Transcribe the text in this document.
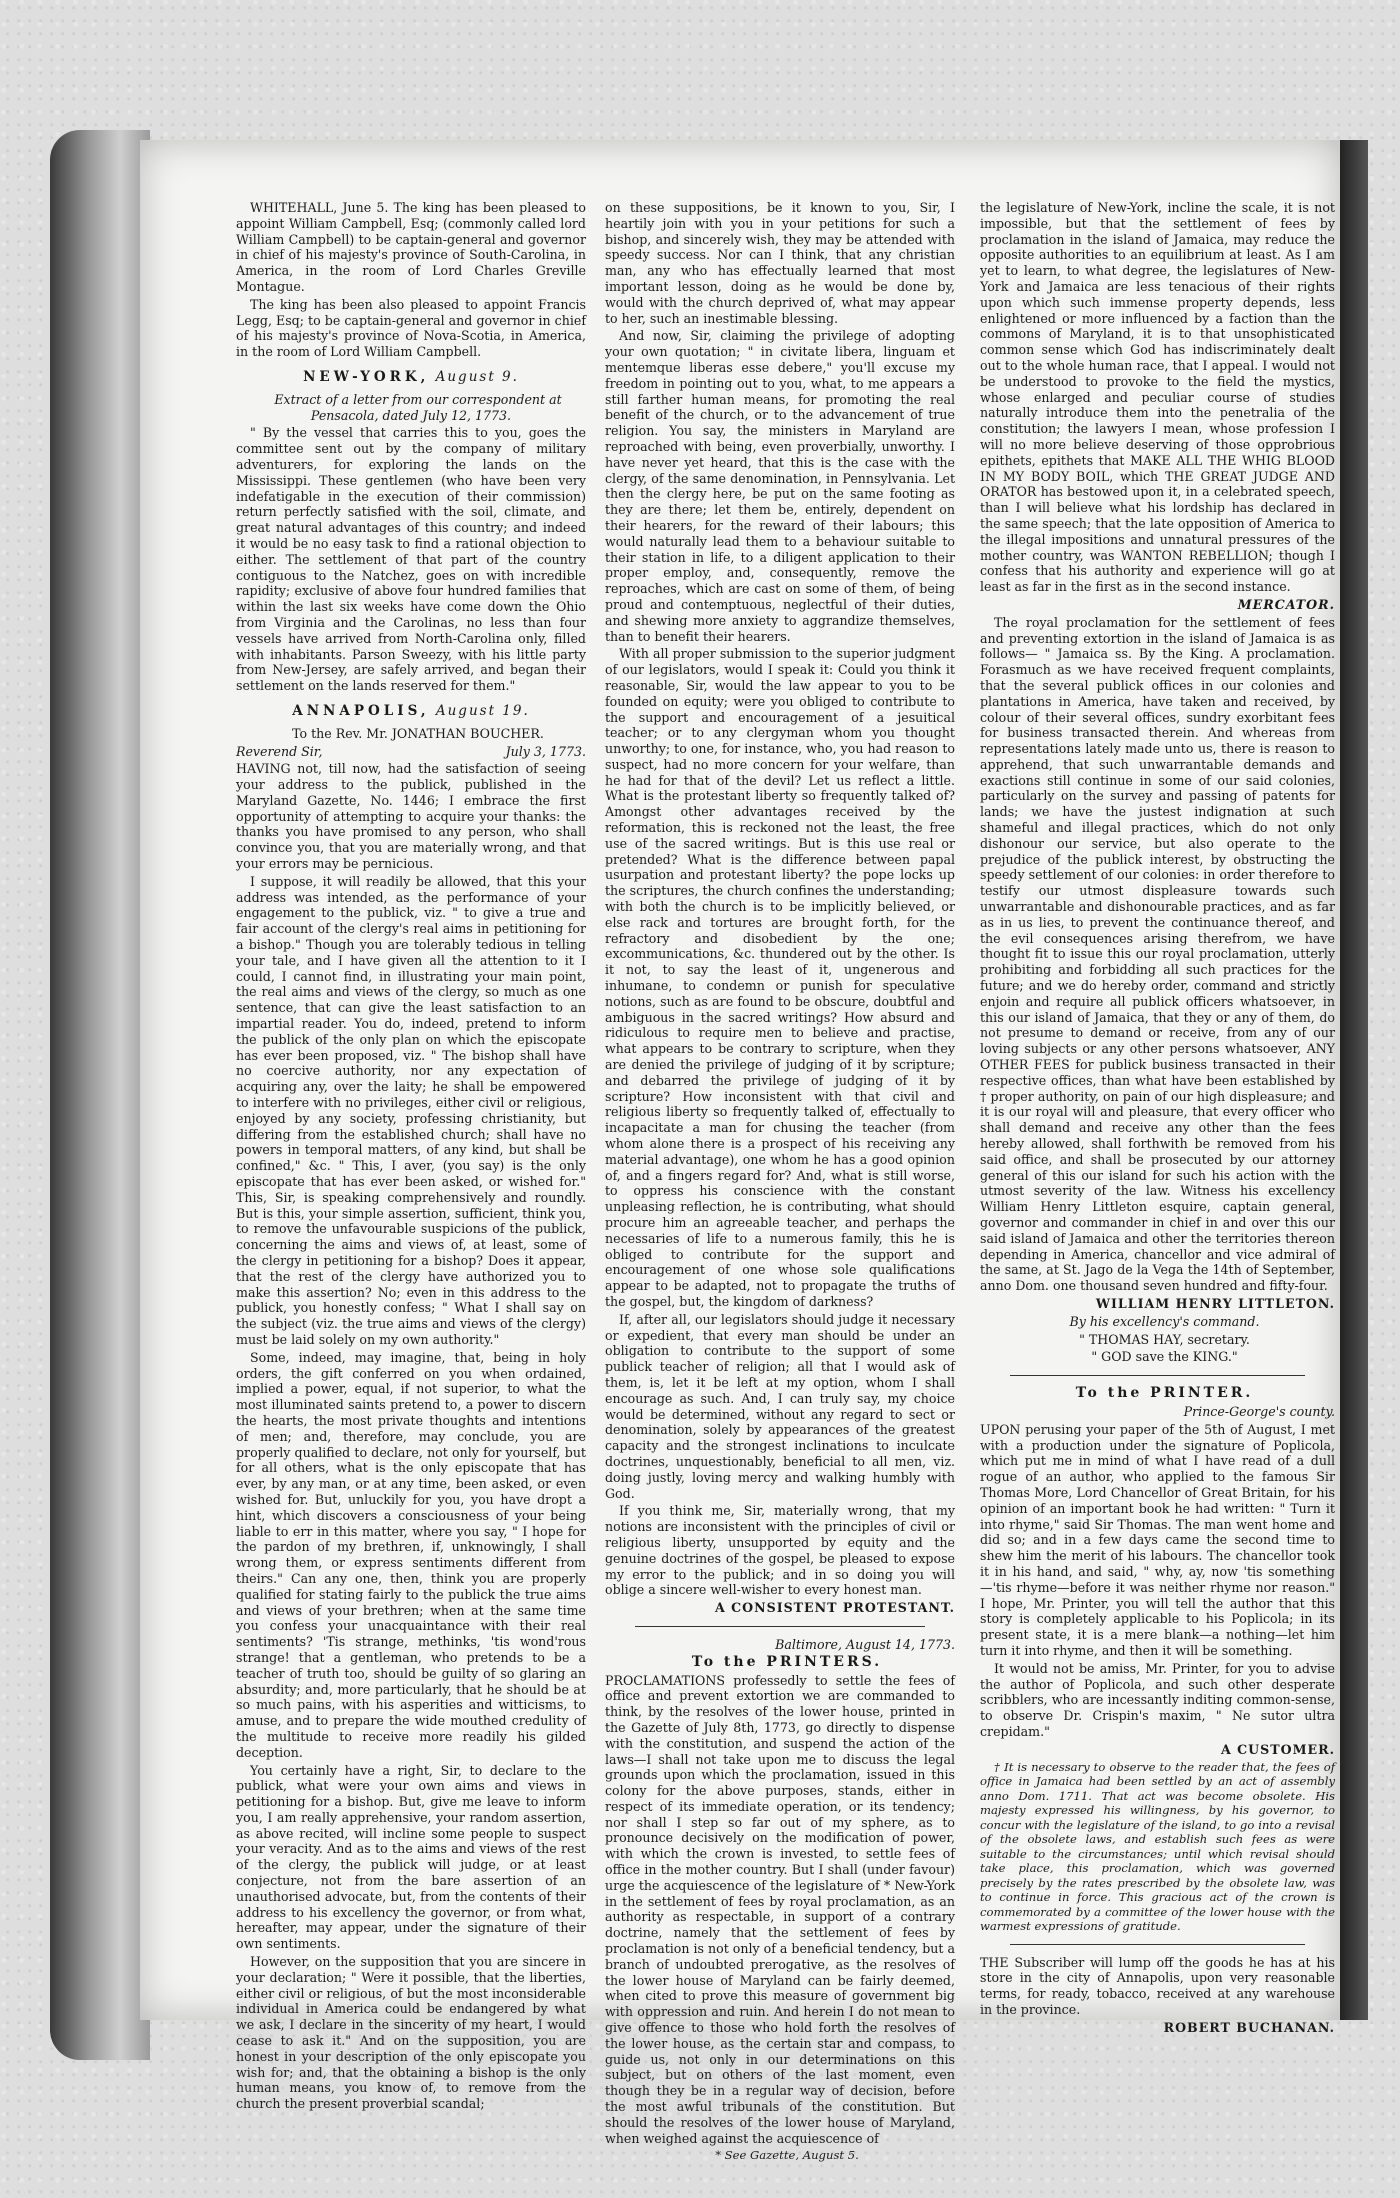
WHITEHALL, June 5. The king has been pleased to appoint William Campbell, Esq; (commonly called lord William Campbell) to be captain-general and governor in chief of his majesty's province of South-Carolina, in America, in the room of Lord Charles Greville Montague.

The king has been also pleased to appoint Francis Legg, Esq; to be captain-general and governor in chief of his majesty's province of Nova-Scotia, in America, in the room of Lord William Campbell.

NEW-YORK, August 9.

Extract of a letter from our correspondent at Pensacola, dated July 12, 1773.

" By the vessel that carries this to you, goes the committee sent out by the company of military adventurers, for exploring the lands on the Mississippi. These gentlemen (who have been very indefatigable in the execution of their commission) return perfectly satisfied with the soil, climate, and great natural advantages of this country; and indeed it would be no easy task to find a rational objection to either. The settlement of that part of the country contiguous to the Natchez, goes on with incredible rapidity; exclusive of above four hundred families that within the last six weeks have come down the Ohio from Virginia and the Carolinas, no less than four vessels have arrived from North-Carolina only, filled with inhabitants. Parson Sweezy, with his little party from New-Jersey, are safely arrived, and began their settlement on the lands reserved for them."

ANNAPOLIS, August 19.

To the Rev. Mr. JONATHAN BOUCHER.

Reverend Sir,	July 3, 1773.

HAVING not, till now, had the satisfaction of seeing your address to the publick, published in the Maryland Gazette, No. 1446; I embrace the first opportunity of attempting to acquire your thanks: the thanks you have promised to any person, who shall convince you, that you are materially wrong, and that your errors may be pernicious.

I suppose, it will readily be allowed, that this your address was intended, as the performance of your engagement to the publick, viz. " to give a true and fair account of the clergy's real aims in petitioning for a bishop." Though you are tolerably tedious in telling your tale, and I have given all the attention to it I could, I cannot find, in illustrating your main point, the real aims and views of the clergy, so much as one sentence, that can give the least satisfaction to an impartial reader. You do, indeed, pretend to inform the publick of the only plan on which the episcopate has ever been proposed, viz. " The bishop shall have no coercive authority, nor any expectation of acquiring any, over the laity; he shall be empowered to interfere with no privileges, either civil or religious, enjoyed by any society, professing christianity, but differing from the established church; shall have no powers in temporal matters, of any kind, but shall be confined," &c. " This, I aver, (you say) is the only episcopate that has ever been asked, or wished for." This, Sir, is speaking comprehensively and roundly. But is this, your simple assertion, sufficient, think you, to remove the unfavourable suspicions of the publick, concerning the aims and views of, at least, some of the clergy in petitioning for a bishop? Does it appear, that the rest of the clergy have authorized you to make this assertion? No; even in this address to the publick, you honestly confess; " What I shall say on the subject (viz. the true aims and views of the clergy) must be laid solely on my own authority."

Some, indeed, may imagine, that, being in holy orders, the gift conferred on you when ordained, implied a power, equal, if not superior, to what the most illuminated saints pretend to, a power to discern the hearts, the most private thoughts and intentions of men; and, therefore, may conclude, you are properly qualified to declare, not only for yourself, but for all others, what is the only episcopate that has ever, by any man, or at any time, been asked, or even wished for. But, unluckily for you, you have dropt a hint, which discovers a consciousness of your being liable to err in this matter, where you say, " I hope for the pardon of my brethren, if, unknowingly, I shall wrong them, or express sentiments different from theirs." Can any one, then, think you are properly qualified for stating fairly to the publick the true aims and views of your brethren; when at the same time you confess your unacquaintance with their real sentiments? 'Tis strange, methinks, 'tis wond'rous strange! that a gentleman, who pretends to be a teacher of truth too, should be guilty of so glaring an absurdity; and, more particularly, that he should be at so much pains, with his asperities and witticisms, to amuse, and to prepare the wide mouthed credulity of the multitude to receive more readily his gilded deception.

You certainly have a right, Sir, to declare to the publick, what were your own aims and views in petitioning for a bishop. But, give me leave to inform you, I am really apprehensive, your random assertion, as above recited, will incline some people to suspect your veracity. And as to the aims and views of the rest of the clergy, the publick will judge, or at least conjecture, not from the bare assertion of an unauthorised advocate, but, from the contents of their address to his excellency the governor, or from what, hereafter, may appear, under the signature of their own sentiments.

However, on the supposition that you are sincere in your declaration; " Were it possible, that the liberties, either civil or religious, of but the most inconsiderable individual in America could be endangered by what we ask, I declare in the sincerity of my heart, I would cease to ask it." And on the supposition, you are honest in your description of the only episcopate you wish for; and, that the obtaining a bishop is the only human means, you know of, to remove from the church the present proverbial scandal;

on these suppositions, be it known to you, Sir, I heartily join with you in your petitions for such a bishop, and sincerely wish, they may be attended with speedy success. Nor can I think, that any christian man, any who has effectually learned that most important lesson, doing as he would be done by, would with the church deprived of, what may appear to her, such an inestimable blessing.

And now, Sir, claiming the privilege of adopting your own quotation; " in civitate libera, linguam et mentemque liberas esse debere," you'll excuse my freedom in pointing out to you, what, to me appears a still farther human means, for promoting the real benefit of the church, or to the advancement of true religion. You say, the ministers in Maryland are reproached with being, even proverbially, unworthy. I have never yet heard, that this is the case with the clergy, of the same denomination, in Pennsylvania. Let then the clergy here, be put on the same footing as they are there; let them be, entirely, dependent on their hearers, for the reward of their labours; this would naturally lead them to a behaviour suitable to their station in life, to a diligent application to their proper employ, and, consequently, remove the reproaches, which are cast on some of them, of being proud and contemptuous, neglectful of their duties, and shewing more anxiety to aggrandize themselves, than to benefit their hearers.

With all proper submission to the superior judgment of our legislators, would I speak it: Could you think it reasonable, Sir, would the law appear to you to be founded on equity; were you obliged to contribute to the support and encouragement of a jesuitical teacher; or to any clergyman whom you thought unworthy; to one, for instance, who, you had reason to suspect, had no more concern for your welfare, than he had for that of the devil? Let us reflect a little. What is the protestant liberty so frequently talked of? Amongst other advantages received by the reformation, this is reckoned not the least, the free use of the sacred writings. But is this use real or pretended? What is the difference between papal usurpation and protestant liberty? the pope locks up the scriptures, the church confines the understanding; with both the church is to be implicitly believed, or else rack and tortures are brought forth, for the refractory and disobedient by the one; excommunications, &c. thundered out by the other. Is it not, to say the least of it, ungenerous and inhumane, to condemn or punish for speculative notions, such as are found to be obscure, doubtful and ambiguous in the sacred writings? How absurd and ridiculous to require men to believe and practise, what appears to be contrary to scripture, when they are denied the privilege of judging of it by scripture; and debarred the privilege of judging of it by scripture? How inconsistent with that civil and religious liberty so frequently talked of, effectually to incapacitate a man for chusing the teacher (from whom alone there is a prospect of his receiving any material advantage), one whom he has a good opinion of, and a fingers regard for? And, what is still worse, to oppress his conscience with the constant unpleasing reflection, he is contributing, what should procure him an agreeable teacher, and perhaps the necessaries of life to a numerous family, this he is obliged to contribute for the support and encouragement of one whose sole qualifications appear to be adapted, not to propagate the truths of the gospel, but, the kingdom of darkness?

If, after all, our legislators should judge it necessary or expedient, that every man should be under an obligation to contribute to the support of some publick teacher of religion; all that I would ask of them, is, let it be left at my option, whom I shall encourage as such. And, I can truly say, my choice would be determined, without any regard to sect or denomination, solely by appearances of the greatest capacity and the strongest inclinations to inculcate doctrines, unquestionably, beneficial to all men, viz. doing justly, loving mercy and walking humbly with God.

If you think me, Sir, materially wrong, that my notions are inconsistent with the principles of civil or religious liberty, unsupported by equity and the genuine doctrines of the gospel, be pleased to expose my error to the publick; and in so doing you will oblige a sincere well-wisher to every honest man.

A CONSISTENT PROTESTANT.

Baltimore, August 14, 1773.

To the PRINTERS.

PROCLAMATIONS professedly to settle the fees of office and prevent extortion we are commanded to think, by the resolves of the lower house, printed in the Gazette of July 8th, 1773, go directly to dispense with the constitution, and suspend the action of the laws—I shall not take upon me to discuss the legal grounds upon which the proclamation, issued in this colony for the above purposes, stands, either in respect of its immediate operation, or its tendency; nor shall I step so far out of my sphere, as to pronounce decisively on the modification of power, with which the crown is invested, to settle fees of office in the mother country. But I shall (under favour) urge the acquiescence of the legislature of * New-York in the settlement of fees by royal proclamation, as an authority as respectable, in support of a contrary doctrine, namely that the settlement of fees by proclamation is not only of a beneficial tendency, but a branch of undoubted prerogative, as the resolves of the lower house of Maryland can be fairly deemed, when cited to prove this measure of government big with oppression and ruin. And herein I do not mean to give offence to those who hold forth the resolves of the lower house, as the certain star and compass, to guide us, not only in our determinations on this subject, but on others of the last moment, even though they be in a regular way of decision, before the most awful tribunals of the constitution. But should the resolves of the lower house of Maryland, when weighed against the acquiescence of

* See Gazette, August 5.

the legislature of New-York, incline the scale, it is not impossible, but that the settlement of fees by proclamation in the island of Jamaica, may reduce the opposite authorities to an equilibrium at least. As I am yet to learn, to what degree, the legislatures of New-York and Jamaica are less tenacious of their rights upon which such immense property depends, less enlightened or more influenced by a faction than the commons of Maryland, it is to that unsophisticated common sense which God has indiscriminately dealt out to the whole human race, that I appeal. I would not be understood to provoke to the field the mystics, whose enlarged and peculiar course of studies naturally introduce them into the penetralia of the constitution; the lawyers I mean, whose profession I will no more believe deserving of those opprobrious epithets, epithets that MAKE ALL THE WHIG BLOOD IN MY BODY BOIL, which THE GREAT JUDGE AND ORATOR has bestowed upon it, in a celebrated speech, than I will believe what his lordship has declared in the same speech; that the late opposition of America to the illegal impositions and unnatural pressures of the mother country, was WANTON REBELLION; though I confess that his authority and experience will go at least as far in the first as in the second instance.

MERCATOR.

The royal proclamation for the settlement of fees and preventing extortion in the island of Jamaica is as follows— " Jamaica ss. By the King. A proclamation. Forasmuch as we have received frequent complaints, that the several publick offices in our colonies and plantations in America, have taken and received, by colour of their several offices, sundry exorbitant fees for business transacted therein. And whereas from representations lately made unto us, there is reason to apprehend, that such unwarrantable demands and exactions still continue in some of our said colonies, particularly on the survey and passing of patents for lands; we have the justest indignation at such shameful and illegal practices, which do not only dishonour our service, but also operate to the prejudice of the publick interest, by obstructing the speedy settlement of our colonies: in order therefore to testify our utmost displeasure towards such unwarrantable and dishonourable practices, and as far as in us lies, to prevent the continuance thereof, and the evil consequences arising therefrom, we have thought fit to issue this our royal proclamation, utterly prohibiting and forbidding all such practices for the future; and we do hereby order, command and strictly enjoin and require all publick officers whatsoever, in this our island of Jamaica, that they or any of them, do not presume to demand or receive, from any of our loving subjects or any other persons whatsoever, ANY OTHER FEES for publick business transacted in their respective offices, than what have been established by † proper authority, on pain of our high displeasure; and it is our royal will and pleasure, that every officer who shall demand and receive any other than the fees hereby allowed, shall forthwith be removed from his said office, and shall be prosecuted by our attorney general of this our island for such his action with the utmost severity of the law. Witness his excellency William Henry Littleton esquire, captain general, governor and commander in chief in and over this our said island of Jamaica and other the territories thereon depending in America, chancellor and vice admiral of the same, at St. Jago de la Vega the 14th of September, anno Dom. one thousand seven hundred and fifty-four.

WILLIAM HENRY LITTLETON.

By his excellency's command.

" THOMAS HAY, secretary.

" GOD save the KING."

To the PRINTER.

Prince-George's county.

UPON perusing your paper of the 5th of August, I met with a production under the signature of Poplicola, which put me in mind of what I have read of a dull rogue of an author, who applied to the famous Sir Thomas More, Lord Chancellor of Great Britain, for his opinion of an important book he had written: " Turn it into rhyme," said Sir Thomas. The man went home and did so; and in a few days came the second time to shew him the merit of his labours. The chancellor took it in his hand, and said, " why, ay, now 'tis something—'tis rhyme—before it was neither rhyme nor reason." I hope, Mr. Printer, you will tell the author that this story is completely applicable to his Poplicola; in its present state, it is a mere blank—a nothing—let him turn it into rhyme, and then it will be something.

It would not be amiss, Mr. Printer, for you to advise the author of Poplicola, and such other desperate scribblers, who are incessantly inditing common-sense, to observe Dr. Crispin's maxim, " Ne sutor ultra crepidam."

A CUSTOMER.

† It is necessary to observe to the reader that, the fees of office in Jamaica had been settled by an act of assembly anno Dom. 1711. That act was become obsolete. His majesty expressed his willingness, by his governor, to concur with the legislature of the island, to go into a revisal of the obsolete laws, and establish such fees as were suitable to the circumstances; until which revisal should take place, this proclamation, which was governed precisely by the rates prescribed by the obsolete law, was to continue in force. This gracious act of the crown is commemorated by a committee of the lower house with the warmest expressions of gratitude.

THE Subscriber will lump off the goods he has at his store in the city of Annapolis, upon very reasonable terms, for ready, tobacco, received at any warehouse in the province.

ROBERT BUCHANAN.
